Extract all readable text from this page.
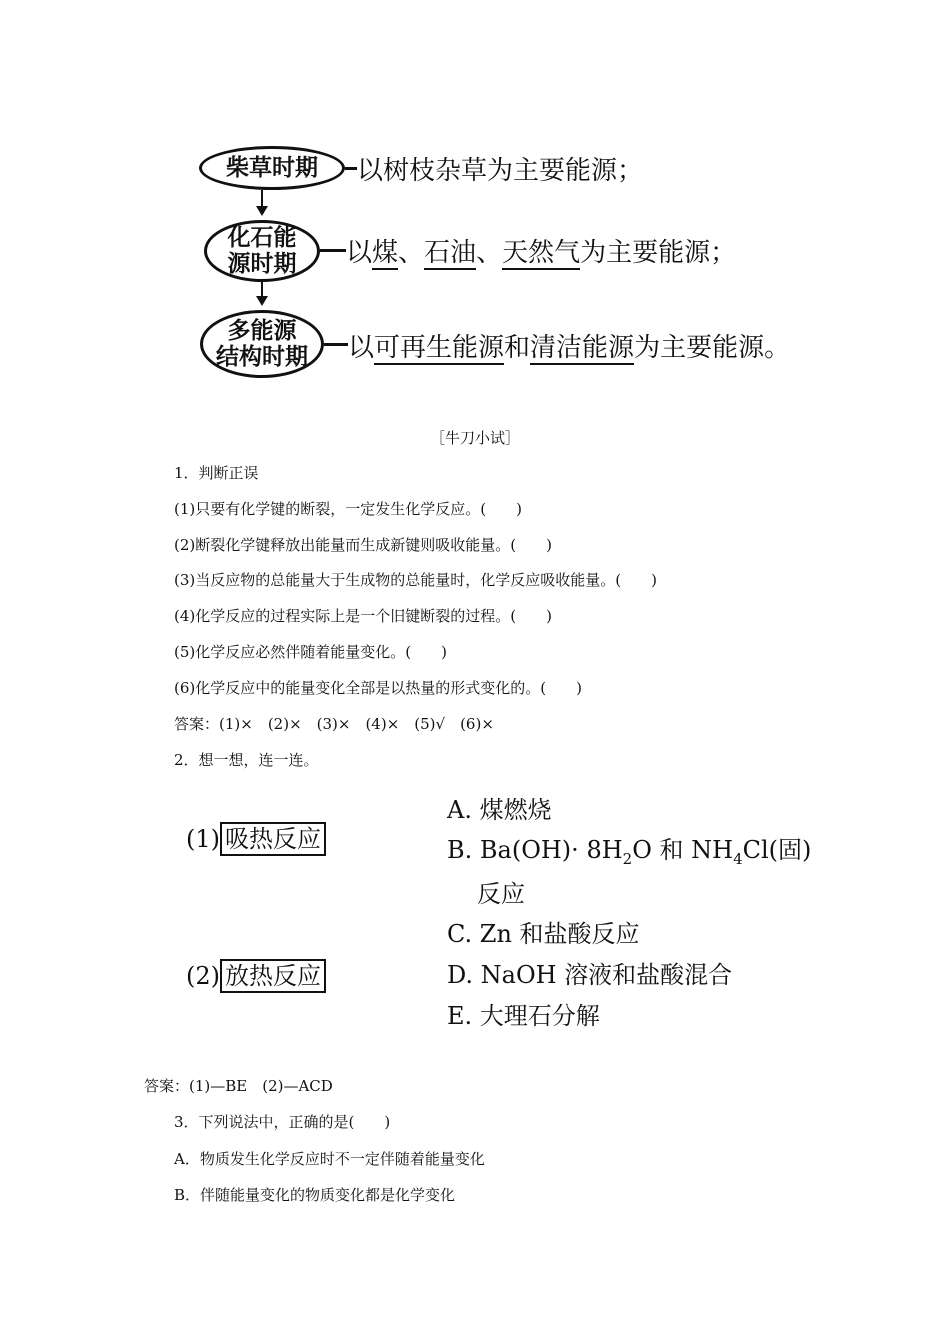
柴草时期 以树枝杂草为主要能源；
化石能
源时期 以煤、石油、天然气为主要能源；
多能源
结构时期 以可再生能源和清洁能源为主要能源。
［牛刀小试］
1．判断正误
(1)只要有化学键的断裂，一定发生化学反应。(　　)
(2)断裂化学键释放出能量而生成新键则吸收能量。(　　)
(3)当反应物的总能量大于生成物的总能量时，化学反应吸收能量。(　　)
(4)化学反应的过程实际上是一个旧键断裂的过程。(　　)
(5)化学反应必然伴随着能量变化。(　　)
(6)化学反应中的能量变化全部是以热量的形式变化的。(　　)
答案：(1)×　(2)×　(3)×　(4)×　(5)√　(6)×
2．想一想，连一连。
(1) 吸热反应
(2) 放热反应
A. 煤燃烧
B. $Ba(OH)\cdot 8H_2O$ 和 $NH_4Cl$(固)
反应
C. Zn 和盐酸反应
D. NaOH 溶液和盐酸混合
E. 大理石分解
答案：(1)—BE　(2)—ACD
3．下列说法中，正确的是(　　)
A．物质发生化学反应时不一定伴随着能量变化
B．伴随能量变化的物质变化都是化学变化
